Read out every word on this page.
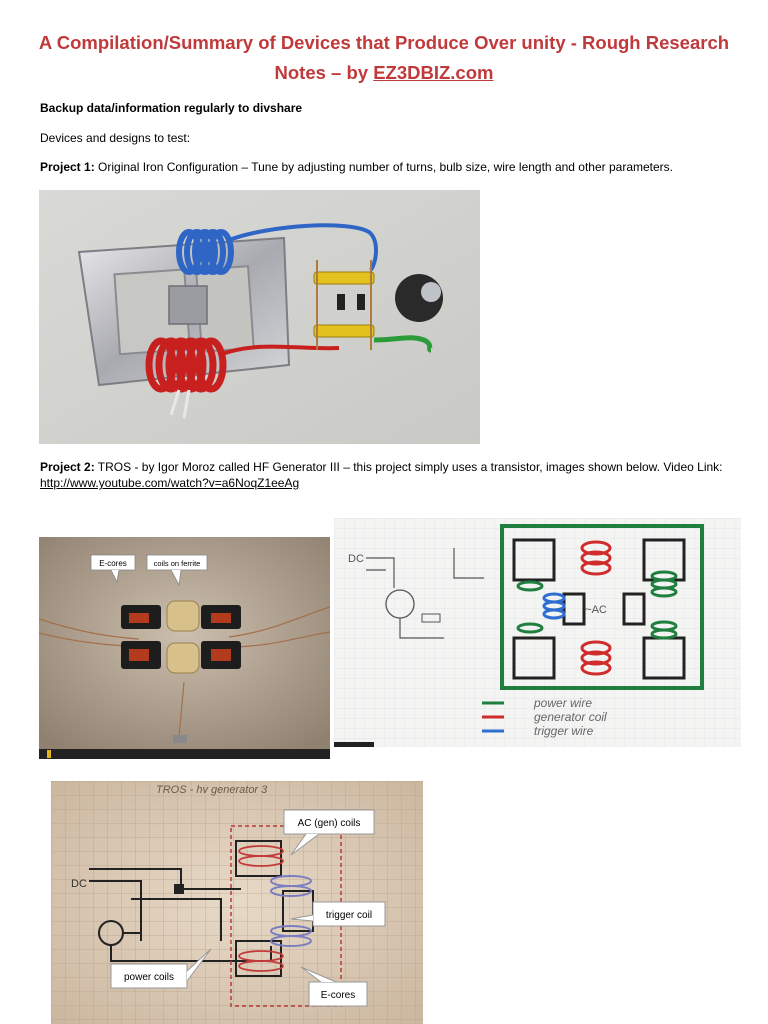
A Compilation/Summary of Devices that Produce Over unity - Rough Research
Notes – by EZ3DBIZ.com
Backup data/information regularly to divshare
Devices and designs to test:
Project 1: Original Iron Configuration – Tune by adjusting number of turns, bulb size, wire length and other parameters.
Project 2: TROS - by Igor Moroz called HF Generator III – this project simply uses a transistor, images shown below. Video Link: http://www.youtube.com/watch?v=a6NoqZ1eeAg
E-cores	coils on ferrite	DC
~AC
power wire
generator coil
trigger wire
TROS - hv generator 3
DC
AC (gen) coils
trigger coil
power coils
E-cores
